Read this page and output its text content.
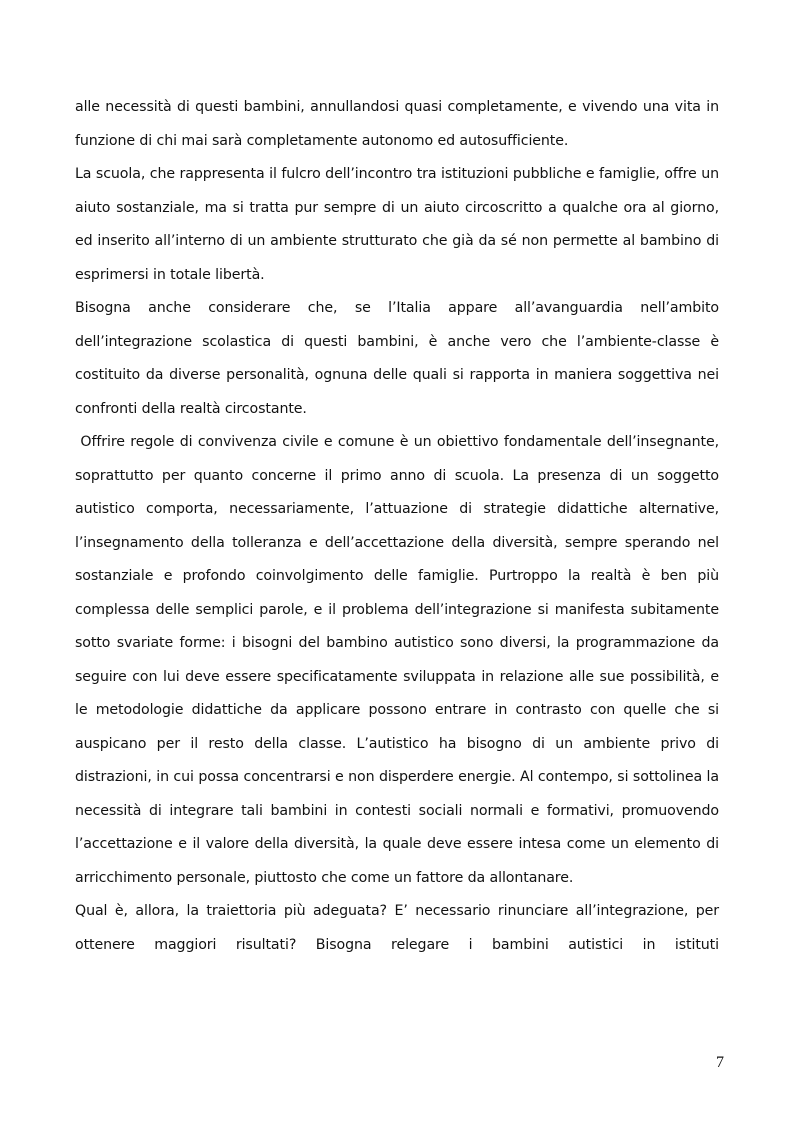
alle necessità di questi bambini, annullandosi quasi completamente, e vivendo una vita in funzione di chi mai sarà completamente autonomo ed autosufficiente.

La scuola, che rappresenta il fulcro dell’incontro tra istituzioni pubbliche e famiglie, offre un aiuto sostanziale, ma si tratta pur sempre di un aiuto circoscritto a qualche ora al giorno, ed inserito all’interno di un ambiente strutturato che già da sé non permette al bambino di esprimersi in totale libertà.

Bisogna anche considerare che, se l’Italia appare all’avanguardia nell’ambito dell’integrazione scolastica di questi bambini, è anche vero che l’ambiente-classe è costituito da diverse personalità, ognuna delle quali si rapporta in maniera soggettiva nei confronti della realtà circostante.

Offrire regole di convivenza civile e comune è un obiettivo fondamentale dell’insegnante, soprattutto per quanto concerne il primo anno di scuola. La presenza di un soggetto autistico comporta, necessariamente, l’attuazione di strategie didattiche alternative, l’insegnamento della tolleranza e dell’accettazione della diversità, sempre sperando nel sostanziale e profondo coinvolgimento delle famiglie. Purtroppo la realtà è ben più complessa delle semplici parole, e il problema dell’integrazione si manifesta subitamente sotto svariate forme: i bisogni del bambino autistico sono diversi, la programmazione da seguire con lui deve essere specificatamente sviluppata in relazione alle sue possibilità, e le metodologie didattiche da applicare possono entrare in contrasto con quelle che si auspicano per il resto della classe. L’autistico ha bisogno di un ambiente privo di distrazioni, in cui possa concentrarsi e non disperdere energie. Al contempo, si sottolinea la necessità di integrare tali bambini in contesti sociali normali e formativi, promuovendo l’accettazione e il valore della diversità, la quale deve essere intesa come un elemento di arricchimento personale, piuttosto che come un fattore da allontanare.

Qual è, allora, la traiettoria più adeguata? E’ necessario rinunciare all’integrazione, per ottenere maggiori risultati? Bisogna relegare i bambini autistici in istituti

7
